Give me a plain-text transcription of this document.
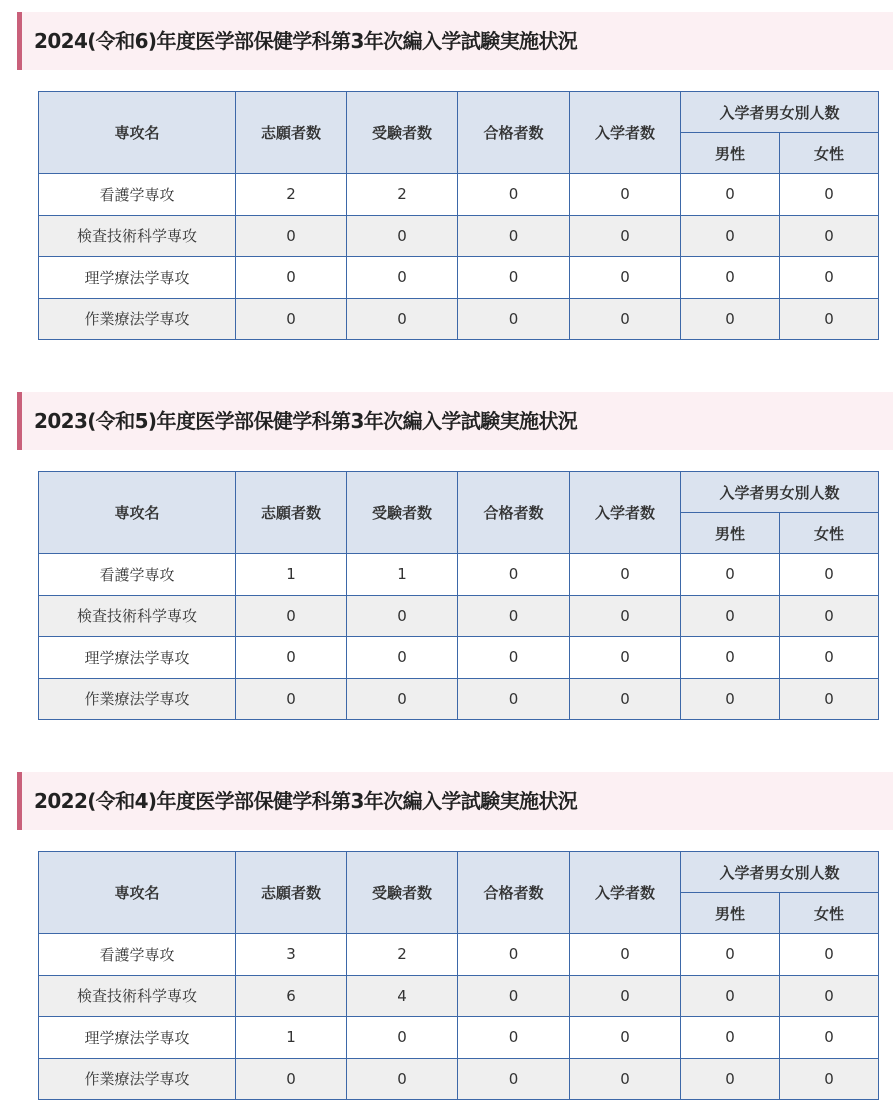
2024(令和6)年度医学部保健学科第3年次編入学試験実施状況
専攻名	志願者数	受験者数	合格者数	入学者数	入学者男女別人数	
					男性	女性
看護学専攻	2	2	0	0	0	0
検査技術科学専攻	0	0	0	0	0	0
理学療法学専攻	0	0	0	0	0	0
作業療法学専攻	0	0	0	0	0	0
2023(令和5)年度医学部保健学科第3年次編入学試験実施状況
専攻名	志願者数	受験者数	合格者数	入学者数	入学者男女別人数	
					男性	女性
看護学専攻	1	1	0	0	0	0
検査技術科学専攻	0	0	0	0	0	0
理学療法学専攻	0	0	0	0	0	0
作業療法学専攻	0	0	0	0	0	0
2022(令和4)年度医学部保健学科第3年次編入学試験実施状況
専攻名	志願者数	受験者数	合格者数	入学者数	入学者男女別人数	
					男性	女性
看護学専攻	3	2	0	0	0	0
検査技術科学専攻	6	4	0	0	0	0
理学療法学専攻	1	0	0	0	0	0
作業療法学専攻	0	0	0	0	0	0
